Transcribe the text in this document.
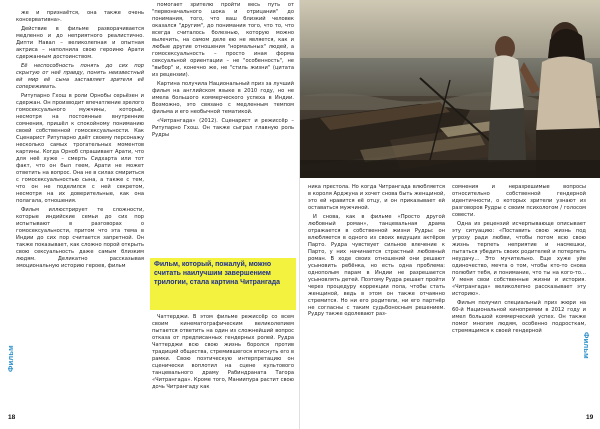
Фильм

же и признаётся, она также очень консервативна».

Действие в фильме разворачивается медленно и до неприятного реалистично. Дипти Навал – великолепная и опытная актриса – наполнила свою героиню Арати сдержанным достоинством.

Её неспособность понять до сих пор скрытую от неё правду, понять неизвестный ей мир её сына заставляет зрителя её сопереживать.

Ритупарно Гхош в роли Орнобы серьёзен и сдержан. Он производит впечатление зрелого гомосексуального мужчины, который, несмотря на постоянные внутренние сомнения, пришёл к спокойному пониманию своей собственной гомосексуальности. Как Сценарист Ритупарно даёт своему персонажу несколько самых трогательных моментов картины. Когда Орноб спрашивает Арати, что для неё хуже – смерть Сидхарта или тот факт, что он был геем, Арати не может ответить на вопрос. Она не в силах смириться с гомосексуальностью сына, а также с тем, что он не поделился с ней секретом, несмотря на их доверительные, как она полагала, отношения.

Фильм иллюстрирует те сложности, которые индийские семьи до сих пор испытывают в разговорах о гомосексуальности, притом что эта тема в Индии до сих пор считается запретной. Он также показывает, как сложно порой открыть свою сексуальность даже самым близким людям. Деликатно рассказывая эмоциональную историю героев, фильм

помогает зрителю пройти весь путь от "первоначального шока и отрицания" до понимания, того, что ваш близкий человек оказался "другим", до понимания того, что то, что всегда считалось болезнью, которую можно вылечить, на самом деле ею не является, как и любые другие отношения "нормальных" людей, а гомосексуальность – просто иная форма сексуальной ориентации – не "особенность", не "выбор" и, конечно же, не "стиль жизни" (цитата из рецензии).

Картина получила Национальный приз за лучший фильм на английском языке в 2010 году, но не имела большого коммерческого успеха в Индии. Возможно, это связано с медленным темпом фильма и его необычной тематикой.

«Читрангада» (2012). Сценарист и режиссёр – Ритупарно Гхош. Он также сыграл главную роль Рудры

Фильм, который, пожалуй, можно считать наилучшим завершением трилогии, стала картина Читрангада

Чаттерджи. В этом фильме режиссёр со всем своим кинематографическим великолепием пытается ответить на один из сложнейший вопрос отказа от предписанных гендерных ролей. Рудра Чаттерджи всю свою жизнь боролся против традиций общества, стремившегося втиснуть его в рамки. Свою поэтическую интерпретацию он сценически воплотил на сцене культового танцевального драму Рабиндраната Тагора «Читрангада». Кроме того, Маниипура растит свою дочь Читрангаду как

18

ника престола. Но когда Читрангада влюбляется в короля Арджуна и хочет снова быть женщиной, это ей нравится её отцу, и он приказывает ей оставаться мужчиной.

И снова, как в фильме «Просто другой любовный роман», танцевальная драма отражается в собственной жизни Рудры: он влюбляется в одного из своих ведущих актёров Парто. Рудра чувствует сильное влечение к Парто, у них начинается страстный любовный роман. В ходе своих отношений они решают усыновить ребёнка, но есть одна проблема: однополым парам в Индии не разрешается усыновлять детей. Поэтому Рудра решает пройти через процедуру коррекции пола, чтобы стать женщиной, ведь в этом он также отчаянно стремится. Но ни его родители, ни его партнёр не согласны с таким судьбоносным решением. Рудру также одолевают раз-

сомнения и неразрешимые вопросы относительно собственной гендерной идентичности, о которых зрители узнают из разговоров Рудры с своим психологом / голосом совести.

Одна из рецензий исчерпывающе описывает эту ситуацию: «Поставить свою жизнь под угрозу ради любви, чтобы потом всю свою жизнь терпеть неприятие и насмешки, пытаться убедить своих родителей и потерпеть неудачу… Это мучительно. Еще хуже уйе одиночество, мечта о том, чтобы кто-то снова полюбит тебя, и понимание, что ты на кого-то… У меня свои собственные жизни и история. «Читрангада» великолепно рассказывает эту историю».

Фильм получил специальный приз жюри на 60-й Национальной кинопремии в 2012 году и имел большой коммерческий успех. Он также помог многим людям, особенно подросткам, стремящимся к своей гендерной

19
Фильм
